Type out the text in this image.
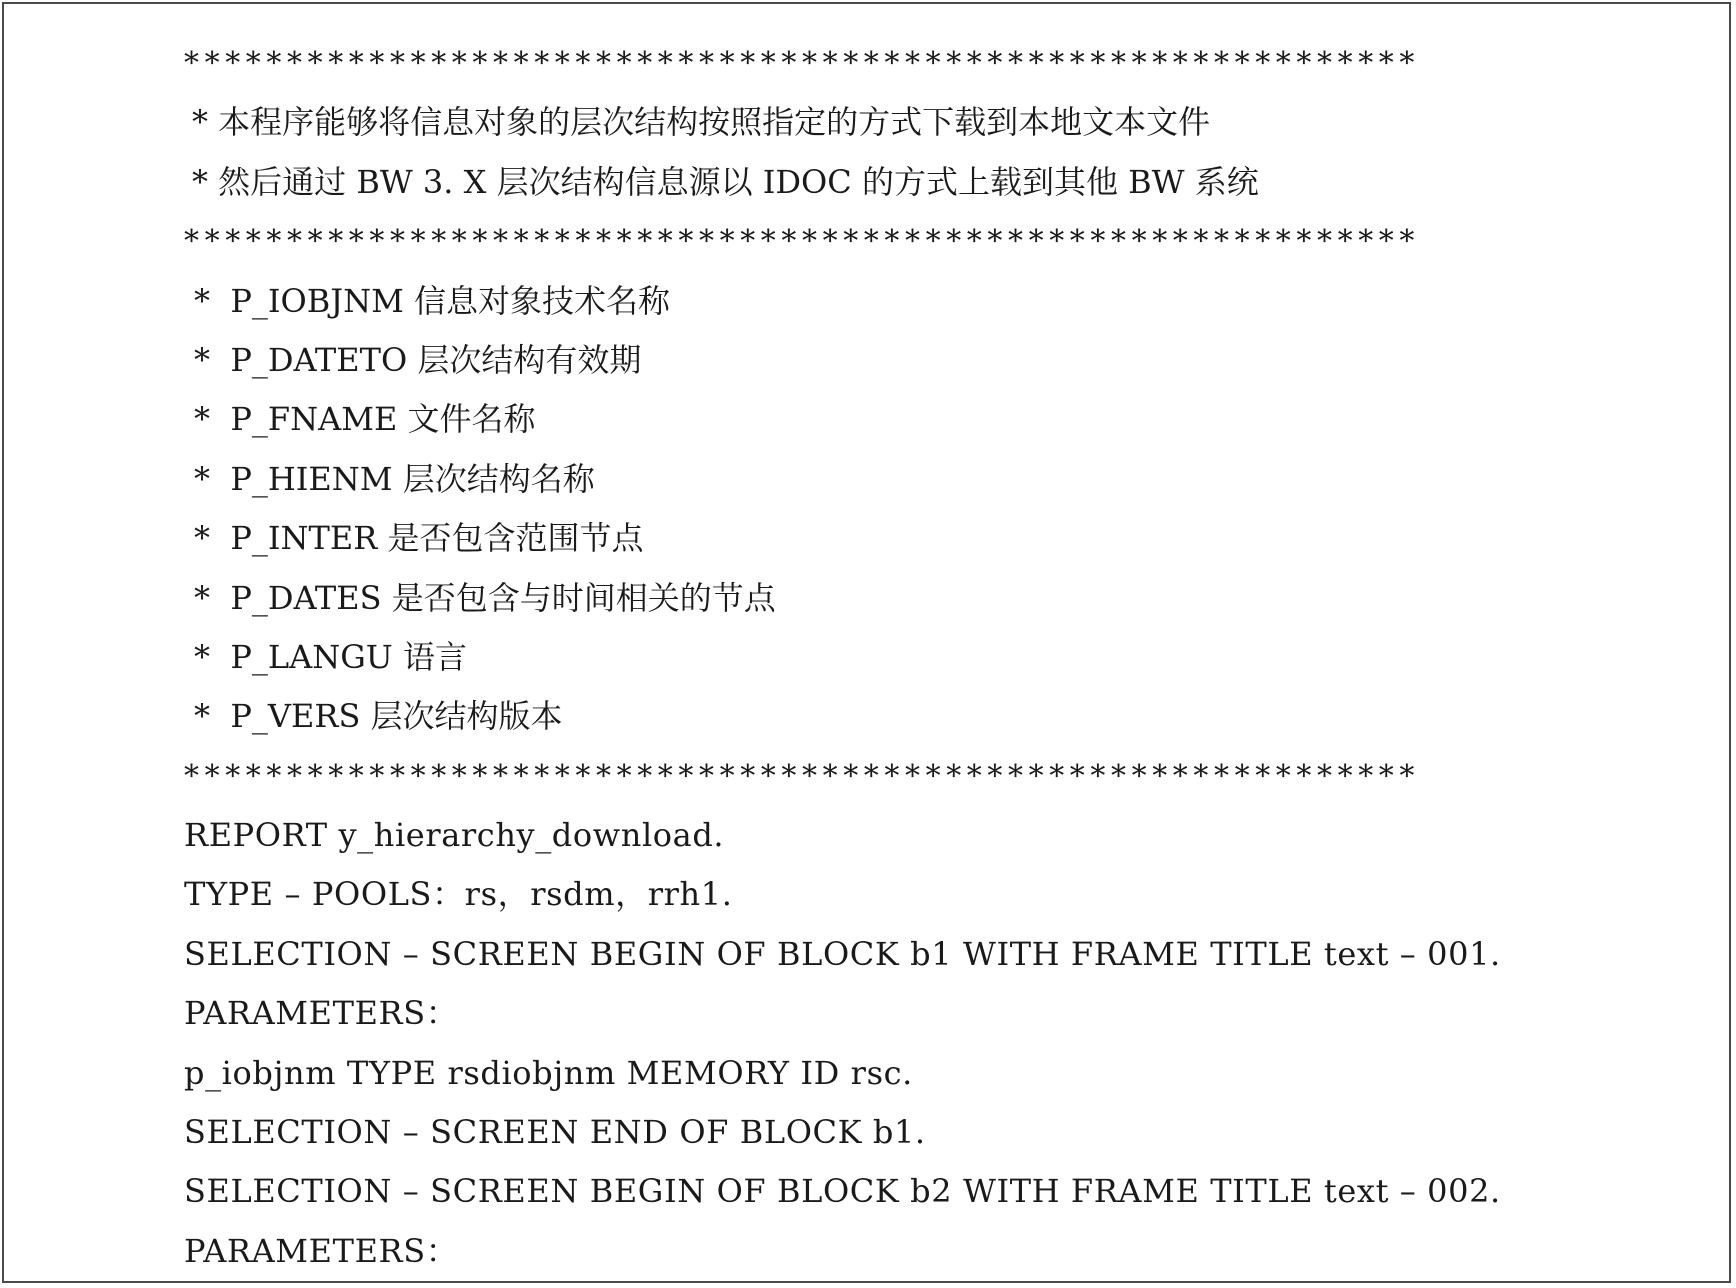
************************************************************
* 本程序能够将信息对象的层次结构按照指定的方式下载到本地文本文件
* 然后通过 BW 3. X 层次结构信息源以 IDOC 的方式上载到其他 BW 系统
************************************************************
*  P_IOBJNM 信息对象技术名称
*  P_DATETO 层次结构有效期
*  P_FNAME 文件名称
*  P_HIENM 层次结构名称
*  P_INTER 是否包含范围节点
*  P_DATES 是否包含与时间相关的节点
*  P_LANGU 语言
*  P_VERS 层次结构版本
************************************************************
REPORT y_hierarchy_download.
TYPE – POOLS：rs，rsdm，rrh1.
SELECTION – SCREEN BEGIN OF BLOCK b1 WITH FRAME TITLE text – 001.
PARAMETERS：
p_iobjnm TYPE rsdiobjnm MEMORY ID rsc.
SELECTION – SCREEN END OF BLOCK b1.
SELECTION – SCREEN BEGIN OF BLOCK b2 WITH FRAME TITLE text – 002.
PARAMETERS：
